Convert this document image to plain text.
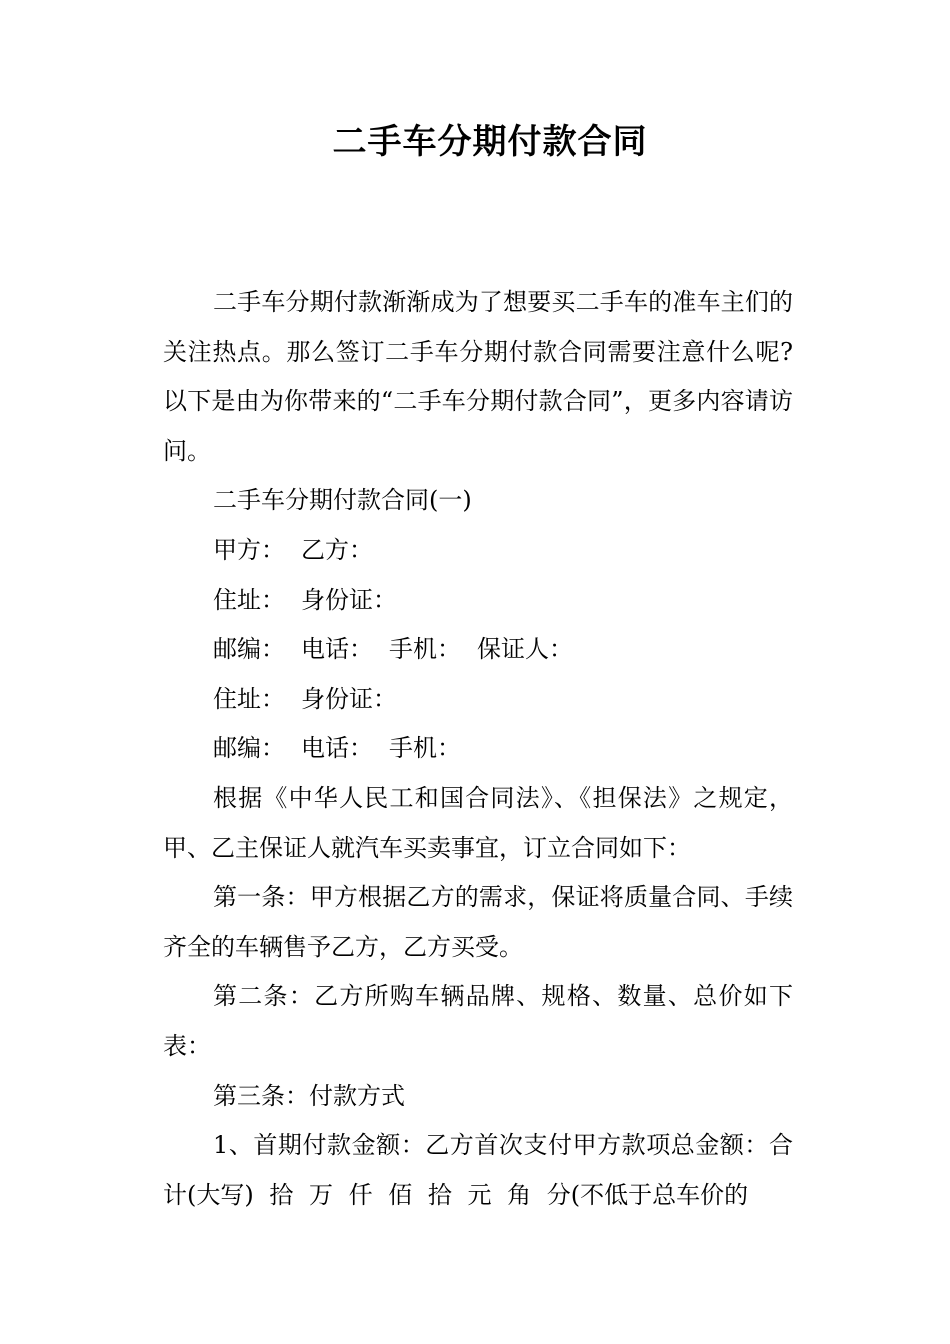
二手车分期付款合同

二手车分期付款渐渐成为了想要买二手车的准车主们的关注热点。那么签订二手车分期付款合同需要注意什么呢?以下是由为你带来的“二手车分期付款合同”，更多内容请访问。

二手车分期付款合同(一)

甲方： 乙方：
住址： 身份证：
邮编： 电话： 手机： 保证人：
住址： 身份证：
邮编： 电话： 手机：

根据《中华人民工和国合同法》、《担保法》之规定，甲、乙主保证人就汽车买卖事宜，订立合同如下：

第一条：甲方根据乙方的需求，保证将质量合同、手续齐全的车辆售予乙方，乙方买受。

第二条：乙方所购车辆品牌、规格、数量、总价如下表：

第三条：付款方式

1、首期付款金额：乙方首次支付甲方款项总金额：合计(大写) 拾 万 仟 佰 拾 元 角 分(不低于总车价的
